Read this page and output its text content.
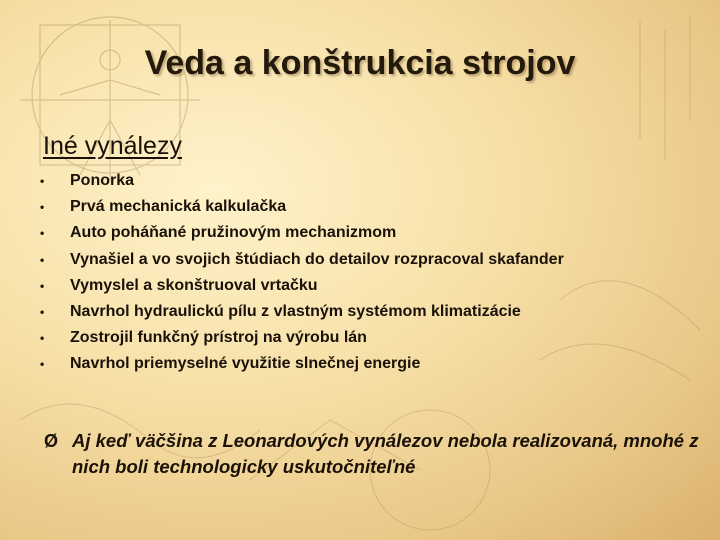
Veda a konštrukcia strojov
Iné vynálezy
• Ponorka
• Prvá mechanická kalkulačka
• Auto poháňané pružinovým mechanizmom
• Vynašiel a vo svojich štúdiach do detailov rozpracoval skafander
• Vymyslel a skonštruoval vrtačku
• Navrhol hydraulickú pílu z vlastným systémom klimatizácie
• Zostrojil funkčný prístroj na výrobu lán
• Navrhol priemyselné využitie slnečnej energie
Ø Aj keď väčšina z Leonardových vynálezov nebola realizovaná, mnohé z nich boli technologicky uskutočniteľné
